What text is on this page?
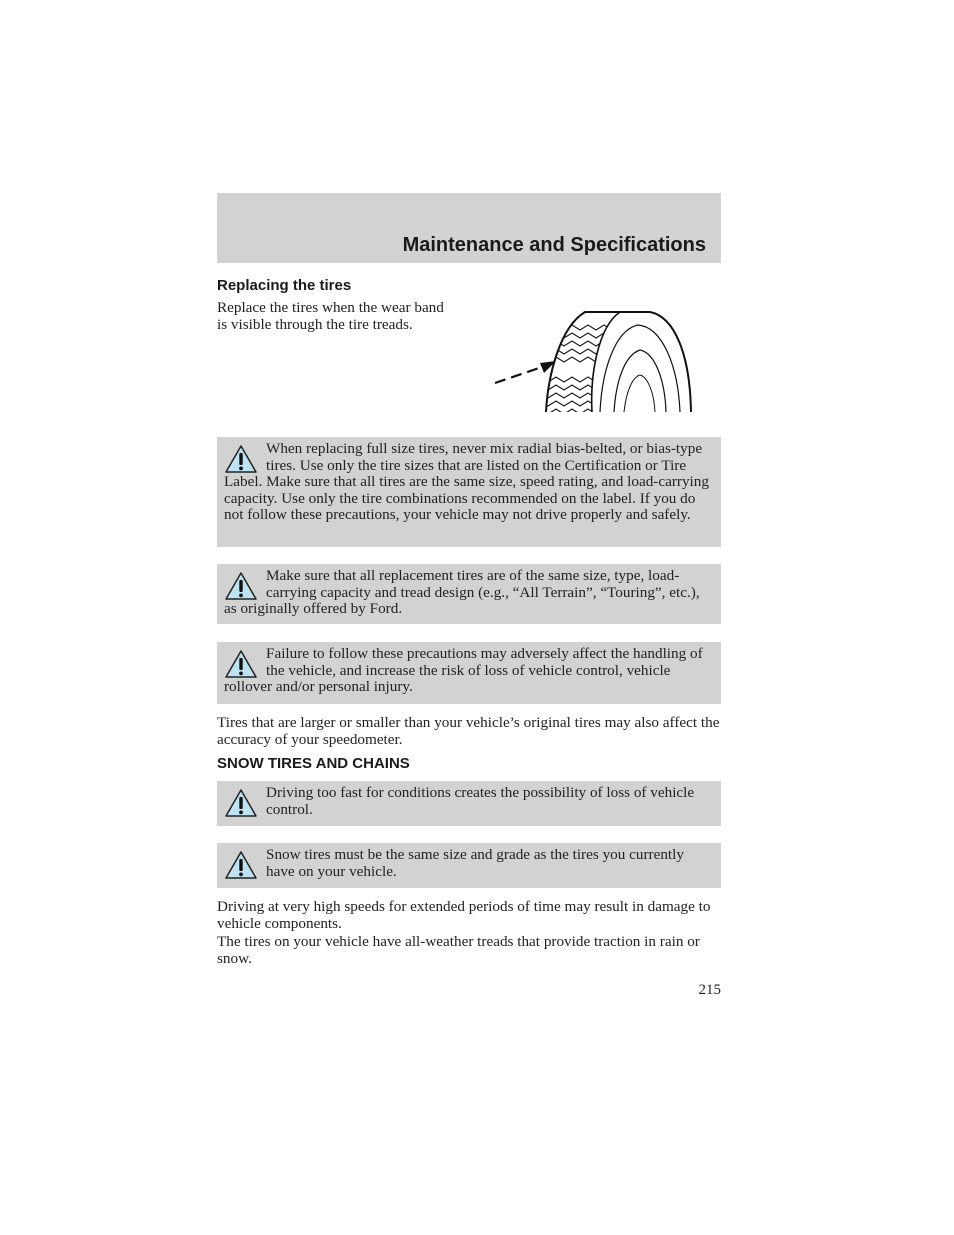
Maintenance and Specifications
Replacing the tires

Replace the tires when the wear band is visible through the tire treads.

When replacing full size tires, never mix radial bias-belted, or bias-type tires. Use only the tire sizes that are listed on the Certification or Tire Label. Make sure that all tires are the same size, speed rating, and load-carrying capacity. Use only the tire combinations recommended on the label. If you do not follow these precautions, your vehicle may not drive properly and safely.
Make sure that all replacement tires are of the same size, type, load-carrying capacity and tread design (e.g., “All Terrain”, “Touring”, etc.), as originally offered by Ford.
Failure to follow these precautions may adversely affect the handling of the vehicle, and increase the risk of loss of vehicle control, vehicle rollover and/or personal injury.

Tires that are larger or smaller than your vehicle’s original tires may also affect the accuracy of your speedometer.

SNOW TIRES AND CHAINS
Driving too fast for conditions creates the possibility of loss of vehicle control.
Snow tires must be the same size and grade as the tires you currently have on your vehicle.

Driving at very high speeds for extended periods of time may result in damage to vehicle components.

The tires on your vehicle have all-weather treads that provide traction in rain or snow.

215
